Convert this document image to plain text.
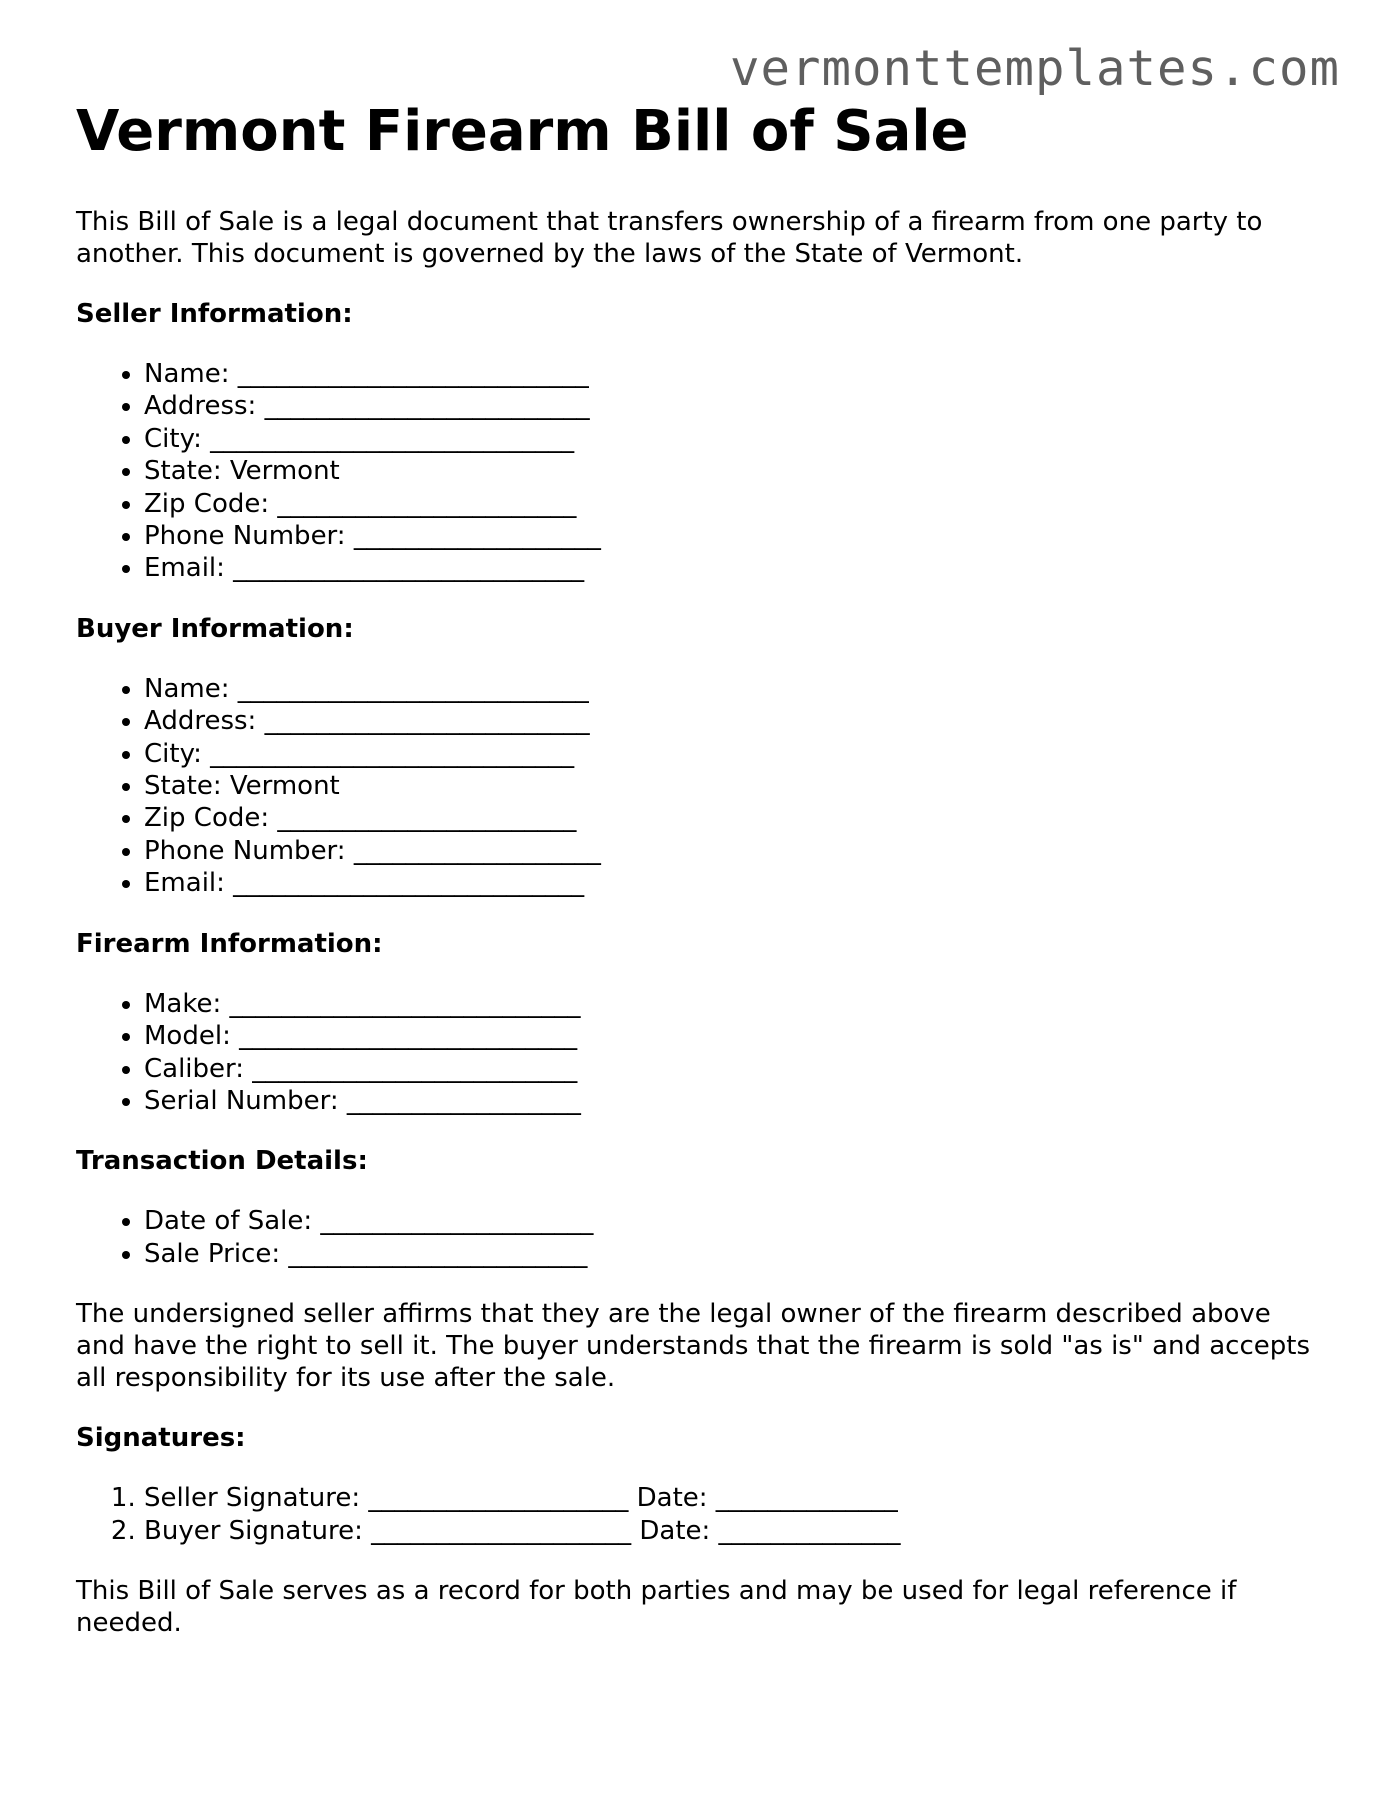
vermonttemplates.com
Vermont Firearm Bill of Sale

This Bill of Sale is a legal document that transfers ownership of a firearm from one party to another. This document is governed by the laws of the State of Vermont.

Seller Information:
• Name: ___________________________
• Address: _________________________
• City: ____________________________
• State: Vermont
• Zip Code: _______________________
• Phone Number: ___________________
• Email: ___________________________
Buyer Information:
• Name: ___________________________
• Address: _________________________
• City: ____________________________
• State: Vermont
• Zip Code: _______________________
• Phone Number: ___________________
• Email: ___________________________
Firearm Information:
• Make: ___________________________
• Model: __________________________
• Caliber: _________________________
• Serial Number: __________________
Transaction Details:
• Date of Sale: _____________________
• Sale Price: _______________________

The undersigned seller affirms that they are the legal owner of the firearm described above and have the right to sell it. The buyer understands that the firearm is sold "as is" and accepts all responsibility for its use after the sale.

Signatures:
1. Seller Signature: ____________________ Date: ______________
2. Buyer Signature: ____________________ Date: ______________

This Bill of Sale serves as a record for both parties and may be used for legal reference if needed.
